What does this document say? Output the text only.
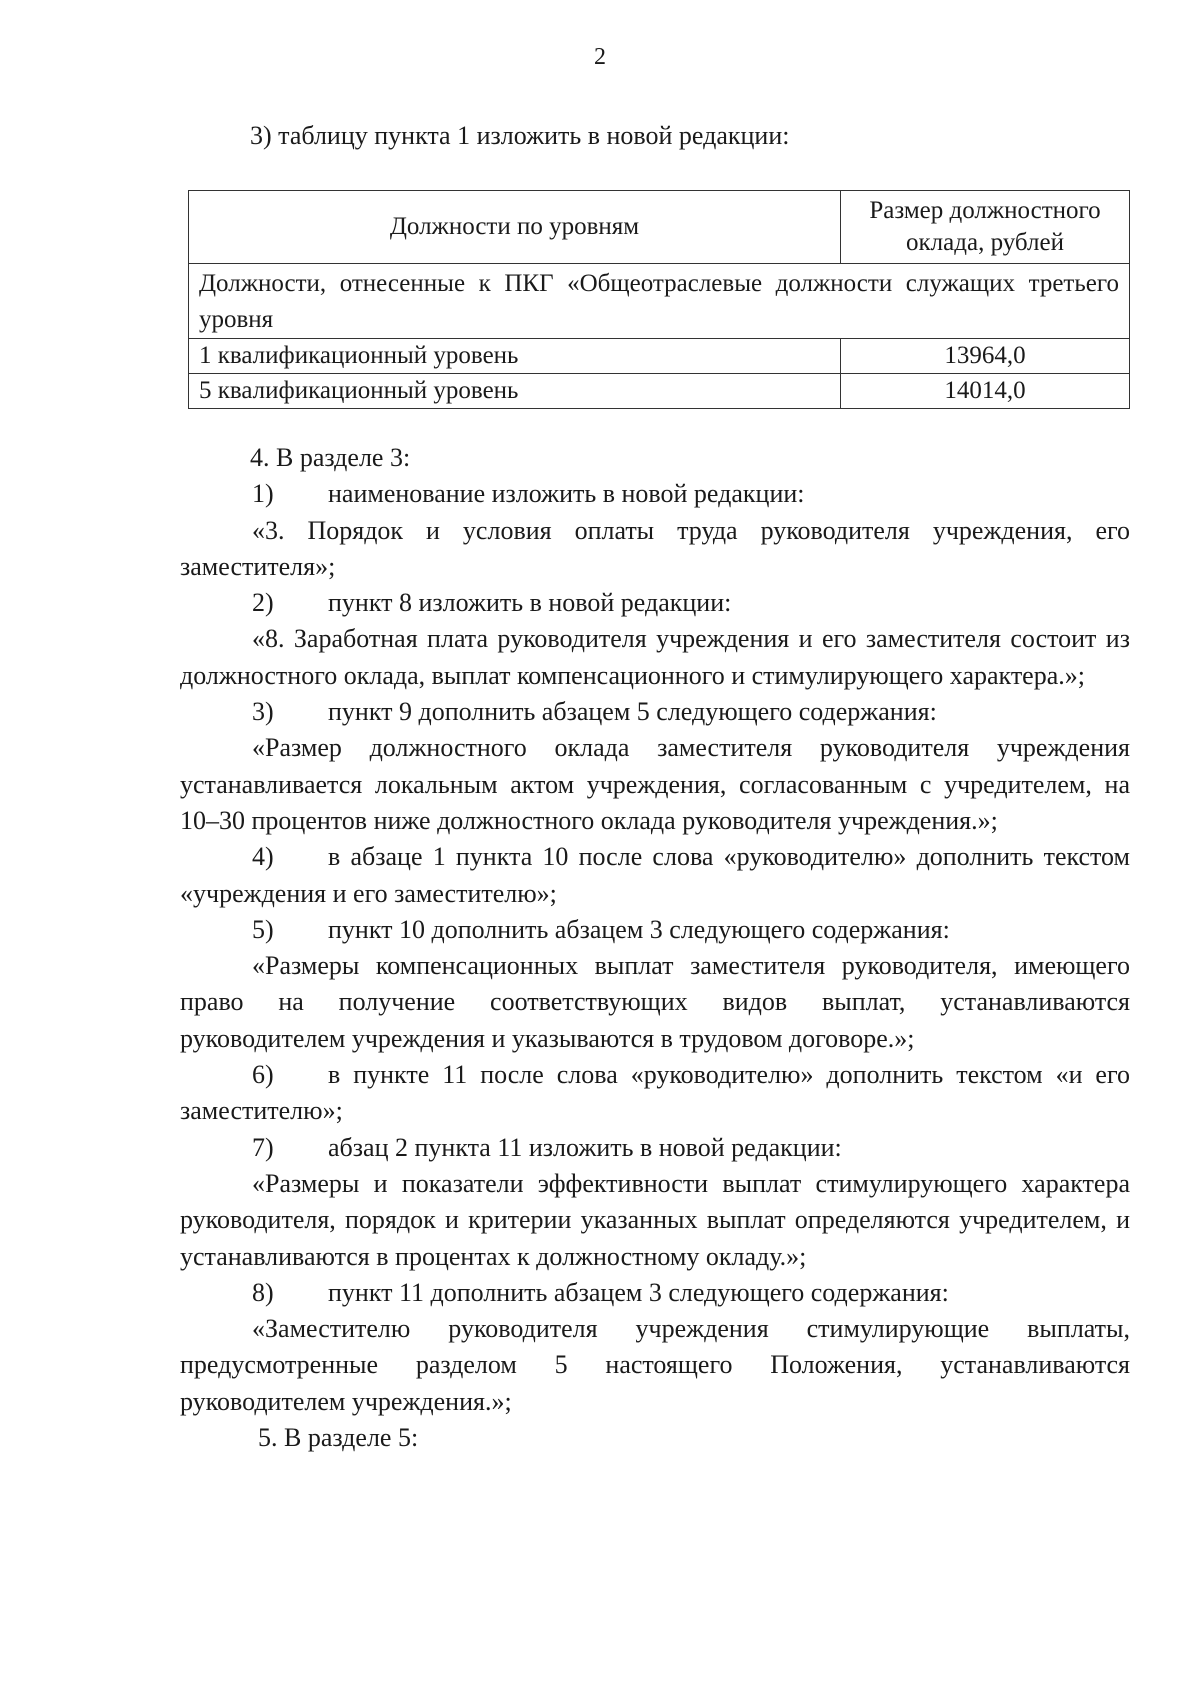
2
3) таблицу пункта 1 изложить в новой редакции:
Должности по уровням	Размер должностного оклада, рублей
Должности, отнесенные к ПКГ «Общеотраслевые должности служащих третьего уровня	
1 квалификационный уровень	13964,0
5 квалификационный уровень	14014,0

4. В разделе 3:

1) наименование изложить в новой редакции:

«3. Порядок и условия оплаты труда руководителя учреждения, его заместителя»;

2) пункт 8 изложить в новой редакции:

«8. Заработная плата руководителя учреждения и его заместителя состоит из должностного оклада, выплат компенсационного и стимулирующего характера.»;

3) пункт 9 дополнить абзацем 5 следующего содержания:

«Размер должностного оклада заместителя руководителя учреждения устанавливается локальным актом учреждения, согласованным с учредителем, на 10–30 процентов ниже должностного оклада руководителя учреждения.»;

4) в абзаце 1 пункта 10 после слова «руководителю» дополнить текстом «учреждения и его заместителю»;

5) пункт 10 дополнить абзацем 3 следующего содержания:

«Размеры компенсационных выплат заместителя руководителя, имеющего право на получение соответствующих видов выплат, устанавливаются руководителем учреждения и указываются в трудовом договоре.»;

6) в пункте 11 после слова «руководителю» дополнить текстом «и его заместителю»;

7) абзац 2 пункта 11 изложить в новой редакции:

«Размеры и показатели эффективности выплат стимулирующего характера руководителя, порядок и критерии указанных выплат определяются учредителем, и устанавливаются в процентах к должностному окладу.»;

8) пункт 11 дополнить абзацем 3 следующего содержания:

«Заместителю руководителя учреждения стимулирующие выплаты, предусмотренные разделом 5 настоящего Положения, устанавливаются руководителем учреждения.»;

5. В разделе 5:
